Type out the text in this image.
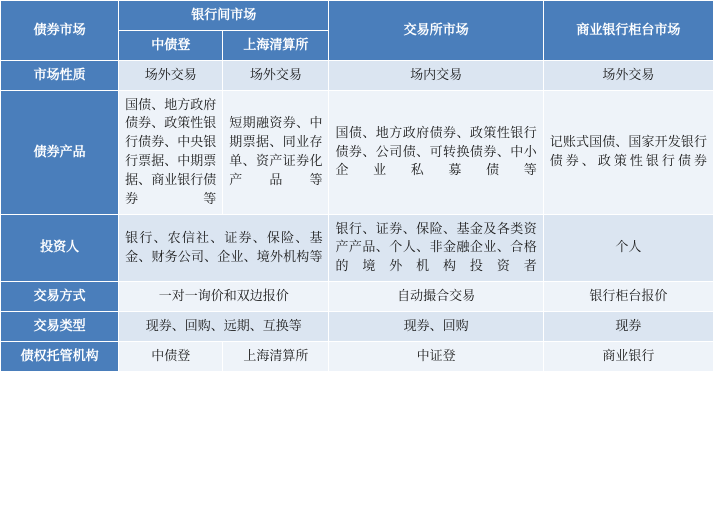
债券市场	银行间市场		交易所市场	商业银行柜台市场
	中债登	上海清算所		
市场性质	场外交易	场外交易	场内交易	场外交易
债券产品	国债、地方政府债券、政策性银行债券、中央银行票据、中期票据、商业银行债券等	短期融资券、中期票据、同业存单、资产证券化产品等	国债、地方政府债券、政策性银行债券、公司债、可转换债券、中小企业私募债等	记账式国债、国家开发银行债券、政策性银行债券
投资人	银行、农信社、证券、保险、基金、财务公司、企业、境外机构等		银行、证券、保险、基金及各类资产产品、个人、非金融企业、合格的境外机构投资者	个人
交易方式	一对一询价和双边报价		自动撮合交易	银行柜台报价
交易类型	现券、回购、远期、互换等		现券、回购	现券
债权托管机构	中债登	上海清算所	中证登	商业银行
